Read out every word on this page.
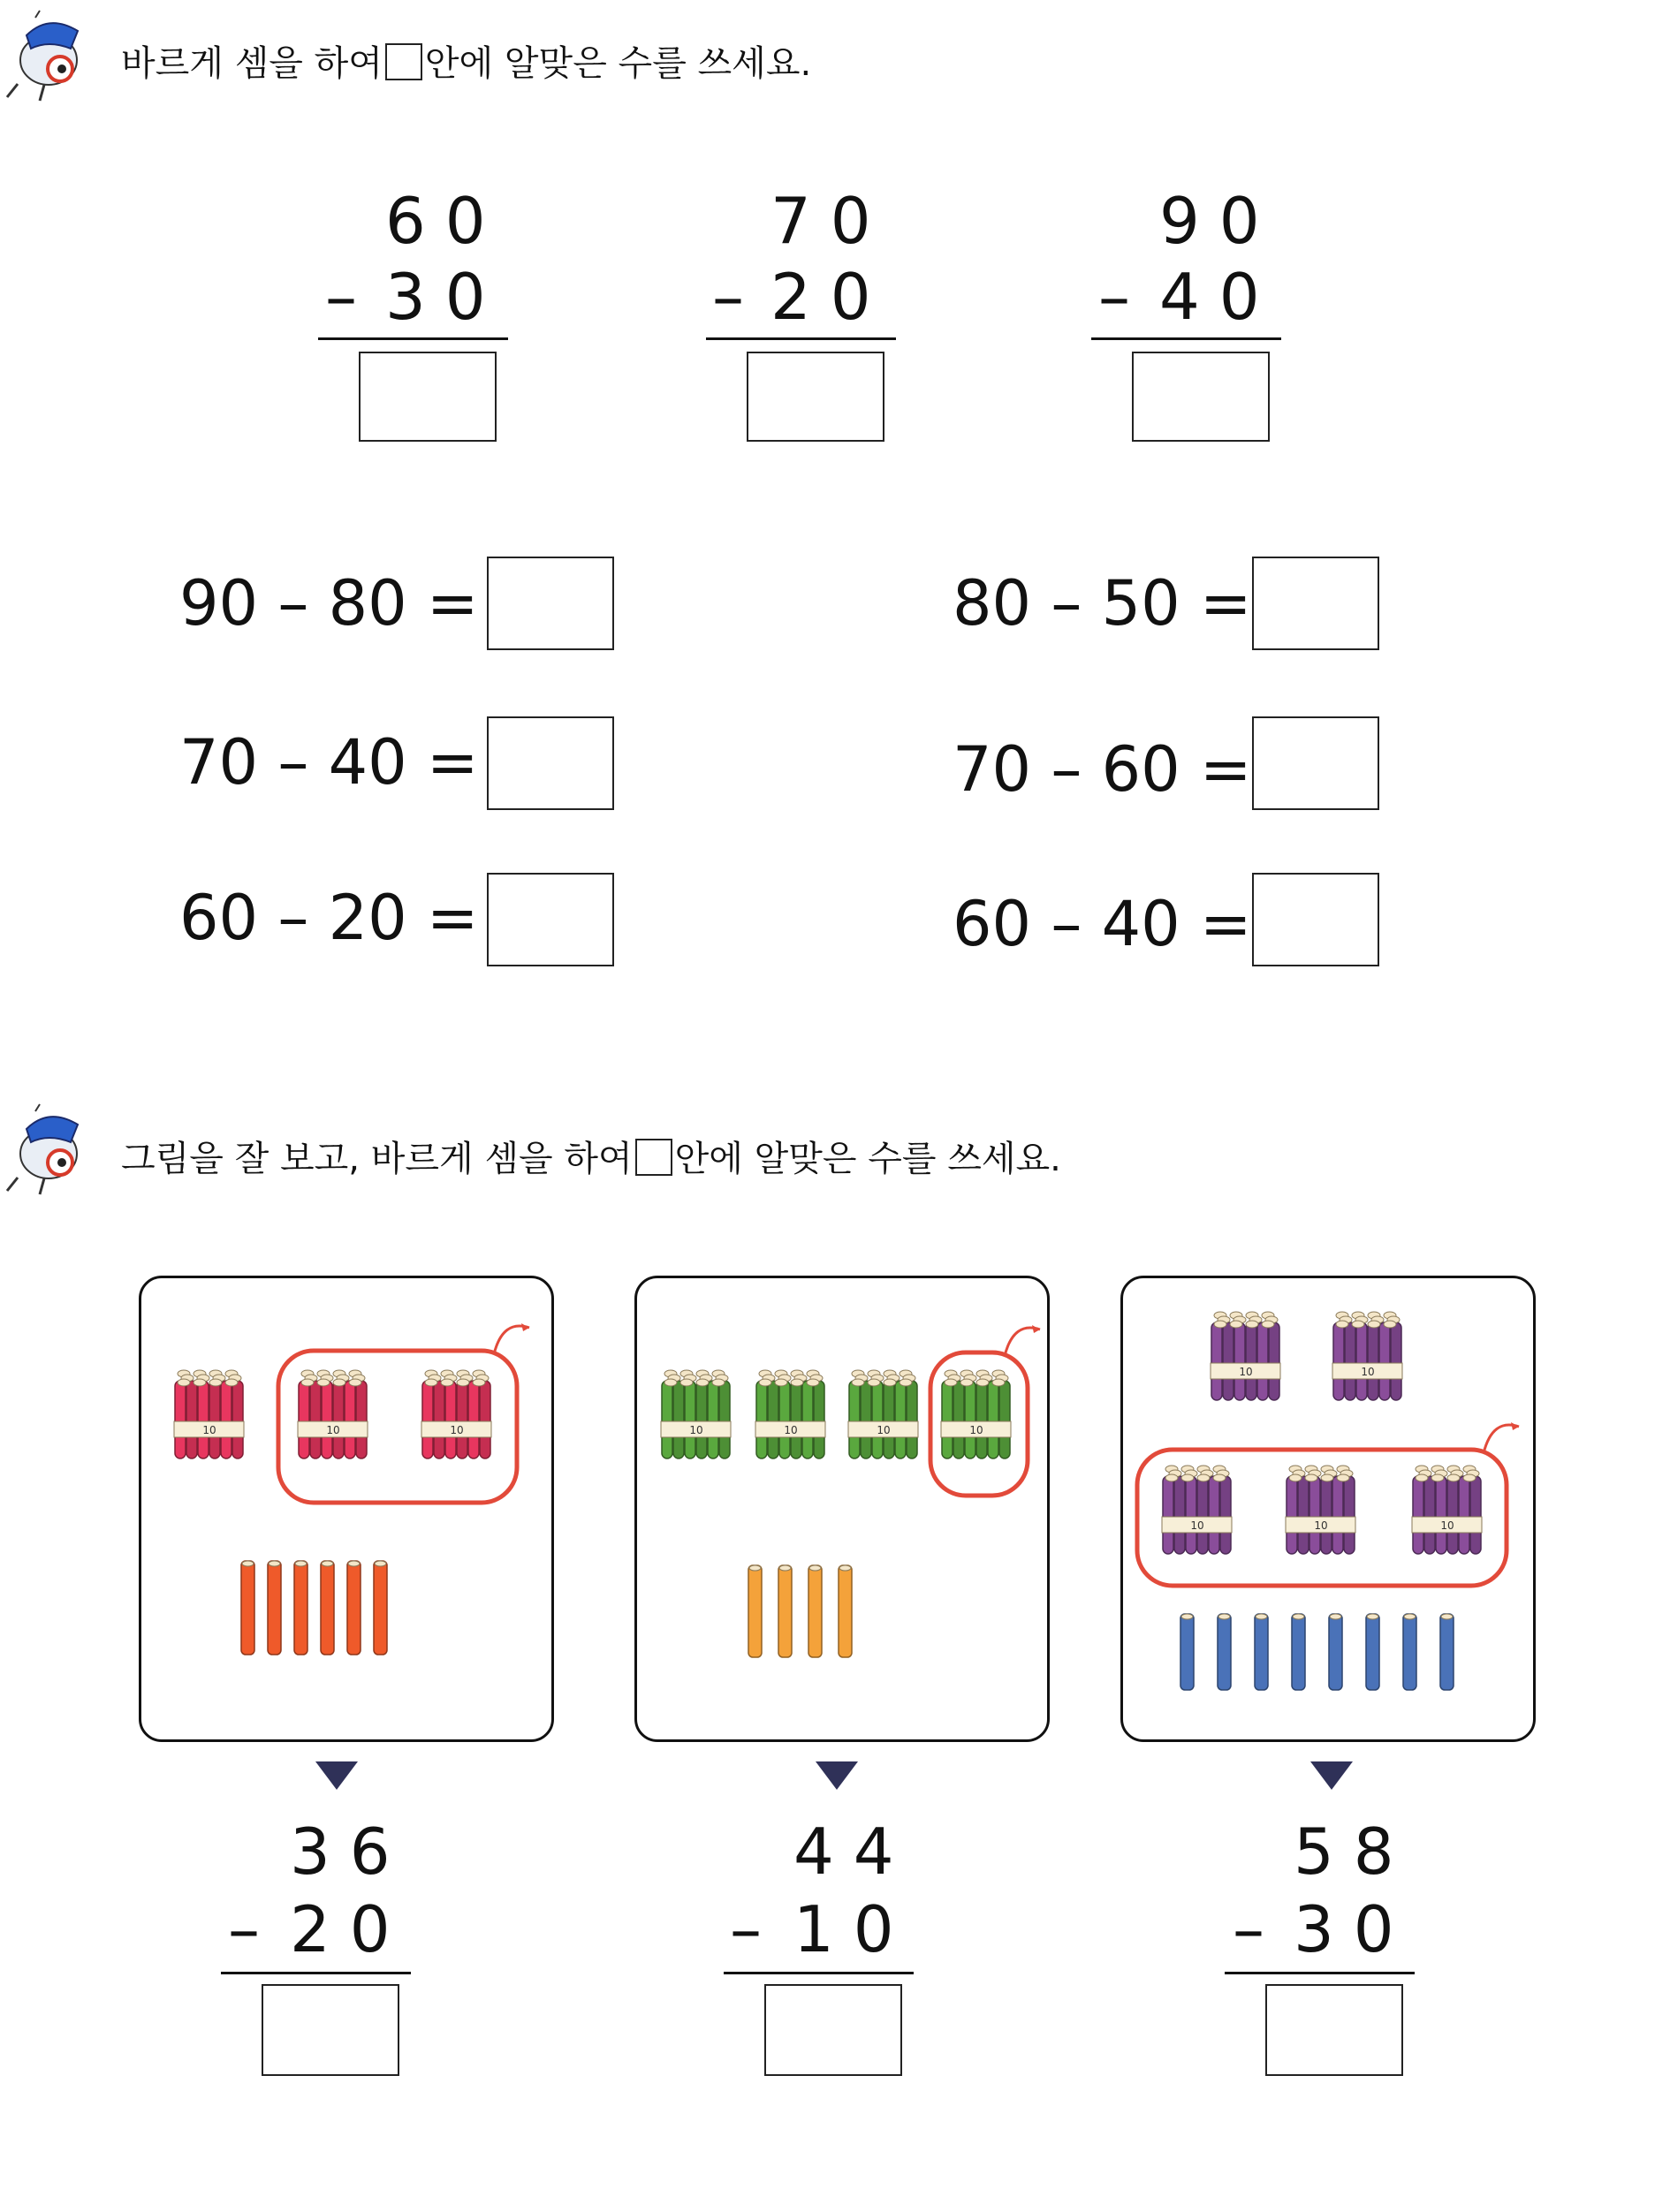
바르게 셈을 하여 안에 알맞은 수를 쓰세요.
60
– 30
70
– 20
90
– 40
90 – 80 =	80 – 50 =
70 – 40 =	70 – 60 =
60 – 20 =	60 – 40 =
그림을 잘 보고, 바르게 셈을 하여 안에 알맞은 수를 쓰세요.
10	10	10	10	10	10	10
10	10
10	10	10
36
– 20
44
– 10
58
– 30
